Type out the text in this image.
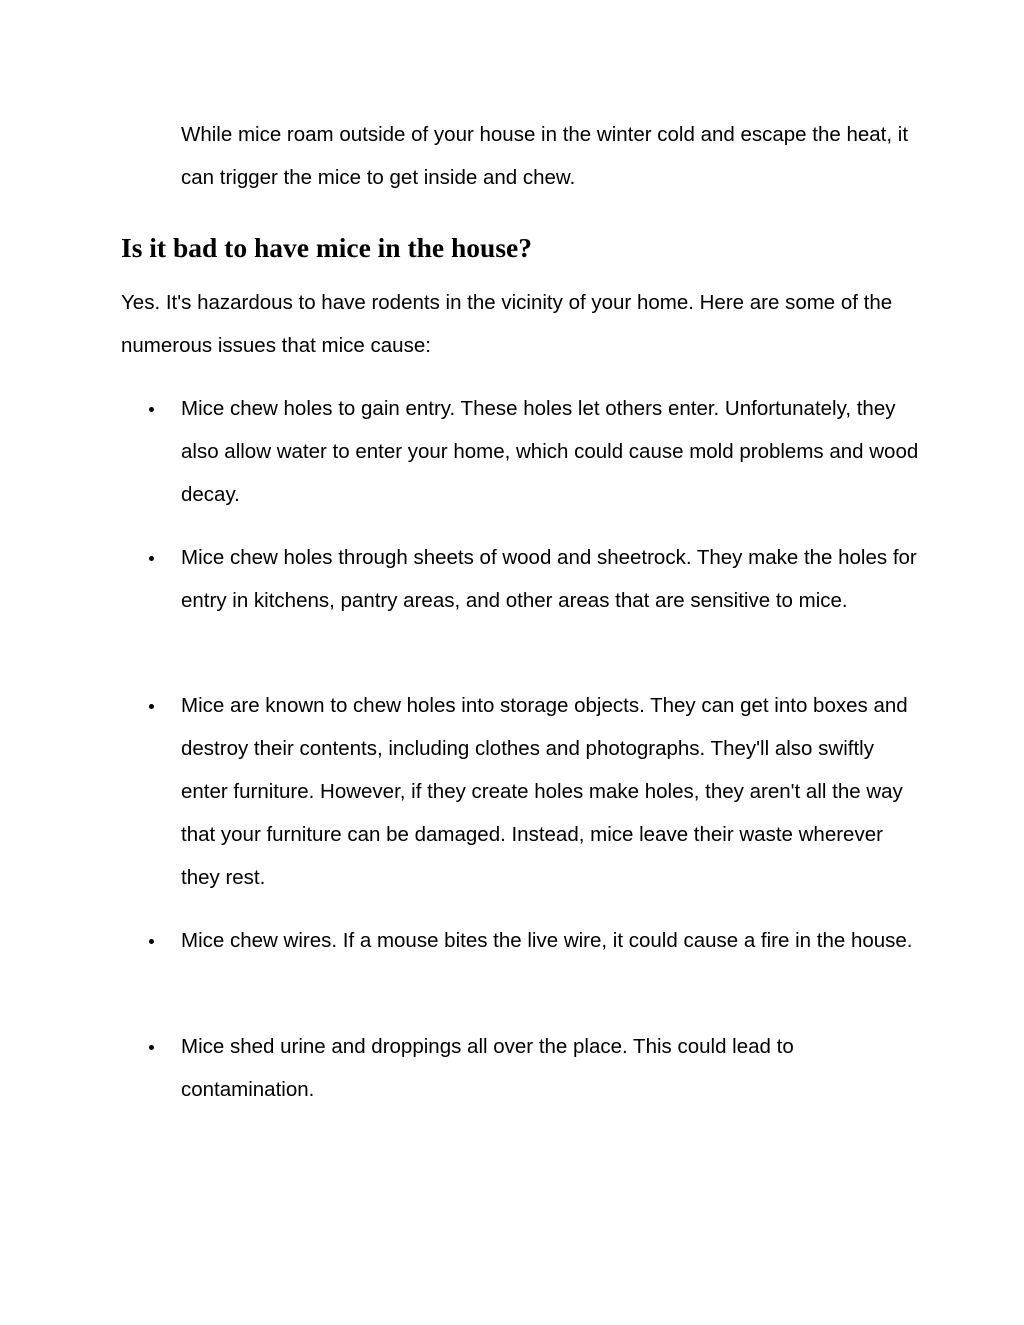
While mice roam outside of your house in the winter cold and escape the heat, it can trigger the mice to get inside and chew.

Is it bad to have mice in the house?

Yes. It's hazardous to have rodents in the vicinity of your home. Here are some of the numerous issues that mice cause:

Mice chew holes to gain entry. These holes let others enter. Unfortunately, they also allow water to enter your home, which could cause mold problems and wood decay.

Mice chew holes through sheets of wood and sheetrock. They make the holes for entry in kitchens, pantry areas, and other areas that are sensitive to mice.

Mice are known to chew holes into storage objects. They can get into boxes and destroy their contents, including clothes and photographs. They'll also swiftly enter furniture. However, if they create holes make holes, they aren't all the way that your furniture can be damaged. Instead, mice leave their waste wherever they rest.

Mice chew wires. If a mouse bites the live wire, it could cause a fire in the house.

Mice shed urine and droppings all over the place. This could lead to contamination.
